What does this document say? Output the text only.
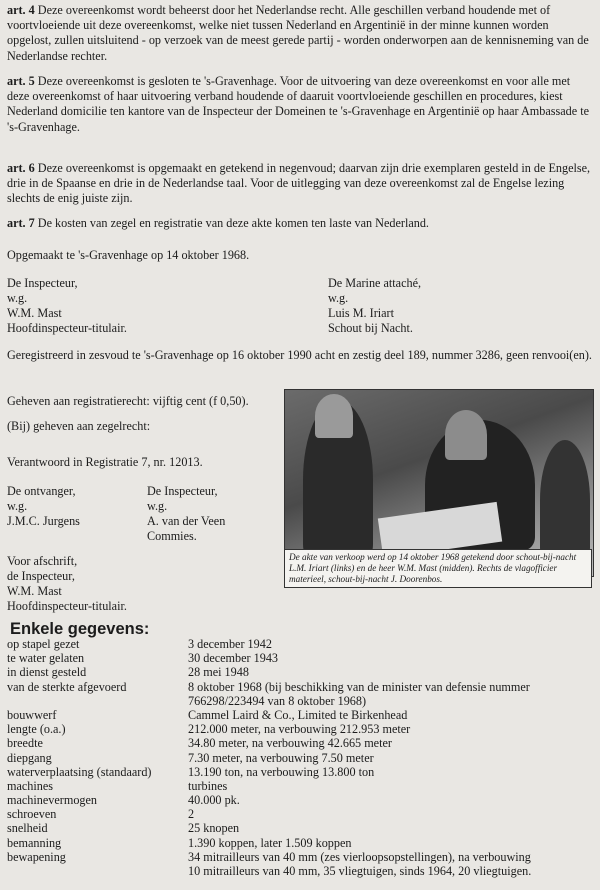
art. 4 Deze overeenkomst wordt beheerst door het Nederlandse recht. Alle geschillen verband houdende met of voortvloeiende uit deze overeenkomst, welke niet tussen Nederland en Argentinië in der minne kunnen worden opgelost, zullen uitsluitend - op verzoek van de meest gerede partij - worden onderworpen aan de kennisneming van de Nederlandse rechter.
art. 5 Deze overeenkomst is gesloten te 's-Gravenhage. Voor de uitvoering van deze overeenkomst en voor alle met deze overeenkomst of haar uitvoering verband houdende of daaruit voortvloeiende geschillen en procedures, kiest Nederland domicilie ten kantore van de Inspecteur der Domeinen te 's-Gravenhage en Argentinië op haar Ambassade te 's-Gravenhage.
art. 6 Deze overeenkomst is opgemaakt en getekend in negenvoud; daarvan zijn drie exemplaren gesteld in de Engelse, drie in de Spaanse en drie in de Nederlandse taal. Voor de uitlegging van deze overeenkomst zal de Engelse lezing slechts de enig juiste zijn.
art. 7 De kosten van zegel en registratie van deze akte komen ten laste van Nederland.
Opgemaakt te 's-Gravenhage op 14 oktober 1968.
De Inspecteur,
w.g.
W.M. Mast
Hoofdinspecteur-titulair.
De Marine attaché,
w.g.
Luis M. Iriart
Schout bij Nacht.
Geregistreerd in zesvoud te 's-Gravenhage op 16 oktober 1990 acht en zestig deel 189, nummer 3286, geen renvooi(en).
Geheven aan registratierecht: vijftig cent (f 0,50).
(Bij) geheven aan zegelrecht:
Verantwoord in Registratie 7, nr. 12013.
De ontvanger,
w.g.
J.M.C. Jurgens
De Inspecteur,
w.g.
A. van der Veen
Commies.
Voor afschrift,
de Inspecteur,
W.M. Mast
Hoofdinspecteur-titulair.
De akte van verkoop werd op 14 oktober 1968 getekend door schout-bij-nacht L.M. Iriart (links) en de heer W.M. Mast (midden). Rechts de vlagofficier materieel, schout-bij-nacht J. Doorenbos.
Enkele gegevens:
op stapel gezet	3 december 1942
te water gelaten	30 december 1943
in dienst gesteld	28 mei 1948
van de sterkte afgevoerd	8 oktober 1968 (bij beschikking van de minister van defensie nummer
766298/223494 van 8 oktober 1968)
bouwwerf	Cammel Laird & Co., Limited te Birkenhead
lengte (o.a.)	212.000 meter, na verbouwing 212.953 meter
breedte	34.80 meter, na verbouwing 42.665 meter
diepgang	7.30 meter, na verbouwing 7.50 meter
waterverplaatsing (standaard)	13.190 ton, na verbouwing 13.800 ton
machines	turbines
machinevermogen	40.000 pk.
schroeven	2
snelheid	25 knopen
bemanning	1.390 koppen, later 1.509 koppen
bewapening	34 mitrailleurs van 40 mm (zes vierloopsopstellingen), na verbouwing
10 mitrailleurs van 40 mm, 35 vliegtuigen, sinds 1964, 20 vliegtuigen.
